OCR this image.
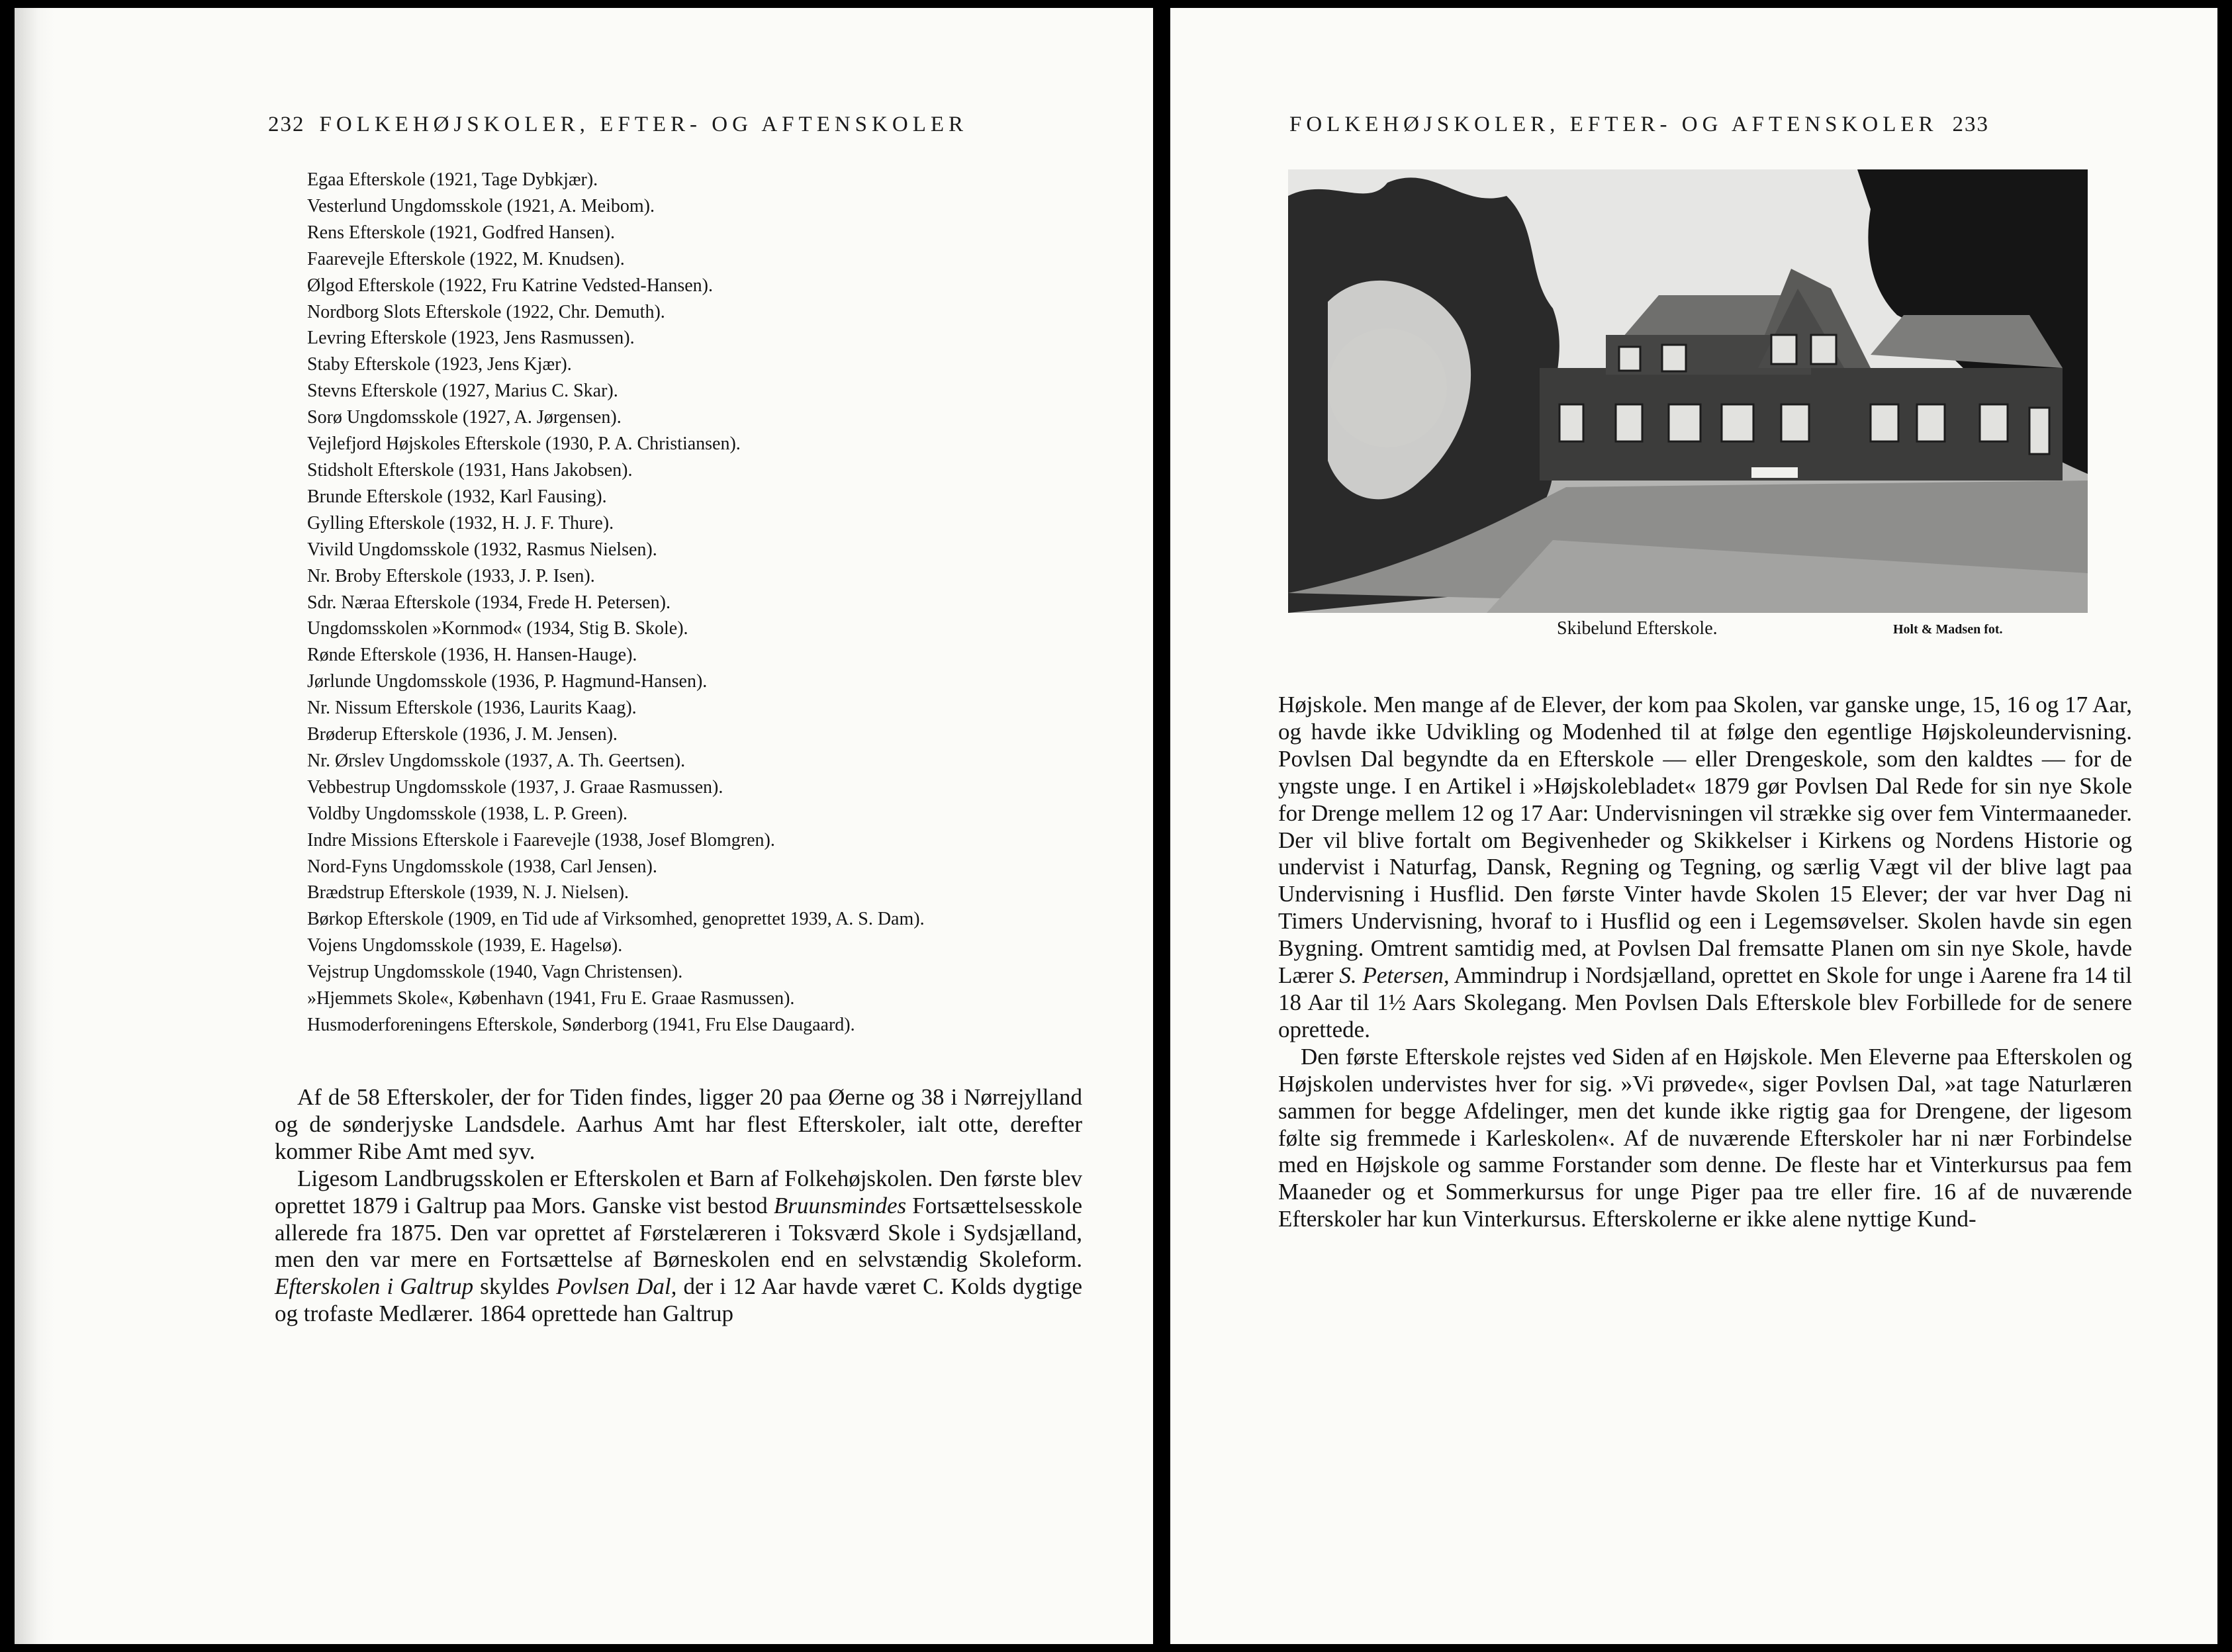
232 FOLKEHØJSKOLER, EFTER- OG AFTENSKOLER
Egaa Efterskole (1921, Tage Dybkjær).
Vesterlund Ungdomsskole (1921, A. Meibom).
Rens Efterskole (1921, Godfred Hansen).
Faarevejle Efterskole (1922, M. Knudsen).
Ølgod Efterskole (1922, Fru Katrine Vedsted-Hansen).
Nordborg Slots Efterskole (1922, Chr. Demuth).
Levring Efterskole (1923, Jens Rasmussen).
Staby Efterskole (1923, Jens Kjær).
Stevns Efterskole (1927, Marius C. Skar).
Sorø Ungdomsskole (1927, A. Jørgensen).
Vejlefjord Højskoles Efterskole (1930, P. A. Christiansen).
Stidsholt Efterskole (1931, Hans Jakobsen).
Brunde Efterskole (1932, Karl Fausing).
Gylling Efterskole (1932, H. J. F. Thure).
Vivild Ungdomsskole (1932, Rasmus Nielsen).
Nr. Broby Efterskole (1933, J. P. Isen).
Sdr. Næraa Efterskole (1934, Frede H. Petersen).
Ungdomsskolen »Kornmod« (1934, Stig B. Skole).
Rønde Efterskole (1936, H. Hansen-Hauge).
Jørlunde Ungdomsskole (1936, P. Hagmund-Hansen).
Nr. Nissum Efterskole (1936, Laurits Kaag).
Brøderup Efterskole (1936, J. M. Jensen).
Nr. Ørslev Ungdomsskole (1937, A. Th. Geertsen).
Vebbestrup Ungdomsskole (1937, J. Graae Rasmussen).
Voldby Ungdomsskole (1938, L. P. Green).
Indre Missions Efterskole i Faarevejle (1938, Josef Blomgren).
Nord-Fyns Ungdomsskole (1938, Carl Jensen).
Brædstrup Efterskole (1939, N. J. Nielsen).
Børkop Efterskole (1909, en Tid ude af Virksomhed, genoprettet 1939, A. S. Dam).
Vojens Ungdomsskole (1939, E. Hagelsø).
Vejstrup Ungdomsskole (1940, Vagn Christensen).
»Hjemmets Skole«, København (1941, Fru E. Graae Rasmussen).
Husmoderforeningens Efterskole, Sønderborg (1941, Fru Else Daugaard).

Af de 58 Efterskoler, der for Tiden findes, ligger 20 paa Øerne og 38 i Nørrejylland og de sønderjyske Landsdele. Aarhus Amt har flest Efterskoler, ialt otte, derefter kommer Ribe Amt med syv.

Ligesom Landbrugsskolen er Efterskolen et Barn af Folkehøjskolen. Den første blev oprettet 1879 i Galtrup paa Mors. Ganske vist bestod Bruunsmindes Fortsættelsesskole allerede fra 1875. Den var oprettet af Førstelæreren i Toksværd Skole i Sydsjælland, men den var mere en Fortsættelse af Børneskolen end en selvstændig Skoleform. Efterskolen i Galtrup skyldes Povlsen Dal, der i 12 Aar havde været C. Kolds dygtige og trofaste Medlærer. 1864 oprettede han Galtrup

FOLKEHØJSKOLER, EFTER- OG AFTENSKOLER 233
Skibelund Efterskole.	Holt & Madsen fot.

Højskole. Men mange af de Elever, der kom paa Skolen, var ganske unge, 15, 16 og 17 Aar, og havde ikke Udvikling og Modenhed til at følge den egentlige Højskoleundervisning. Povlsen Dal begyndte da en Efterskole — eller Drengeskole, som den kaldtes — for de yngste unge. I en Artikel i »Højskolebladet« 1879 gør Povlsen Dal Rede for sin nye Skole for Drenge mellem 12 og 17 Aar: Undervisningen vil strække sig over fem Vintermaaneder. Der vil blive fortalt om Begivenheder og Skikkelser i Kirkens og Nordens Historie og undervist i Naturfag, Dansk, Regning og Tegning, og særlig Vægt vil der blive lagt paa Undervisning i Husflid. Den første Vinter havde Skolen 15 Elever; der var hver Dag ni Timers Undervisning, hvoraf to i Husflid og een i Legemsøvelser. Skolen havde sin egen Bygning. Omtrent samtidig med, at Povlsen Dal fremsatte Planen om sin nye Skole, havde Lærer S. Petersen, Ammindrup i Nordsjælland, oprettet en Skole for unge i Aarene fra 14 til 18 Aar til 1½ Aars Skolegang. Men Povlsen Dals Efterskole blev Forbillede for de senere oprettede.

Den første Efterskole rejstes ved Siden af en Højskole. Men Eleverne paa Efterskolen og Højskolen undervistes hver for sig. »Vi prøvede«, siger Povlsen Dal, »at tage Naturlæren sammen for begge Afdelinger, men det kunde ikke rigtig gaa for Drengene, der ligesom følte sig fremmede i Karleskolen«. Af de nuværende Efterskoler har ni nær Forbindelse med en Højskole og samme Forstander som denne. De fleste har et Vinterkursus paa fem Maaneder og et Sommerkursus for unge Piger paa tre eller fire. 16 af de nuværende Efterskoler har kun Vinterkursus. Efterskolerne er ikke alene nyttige Kund-
